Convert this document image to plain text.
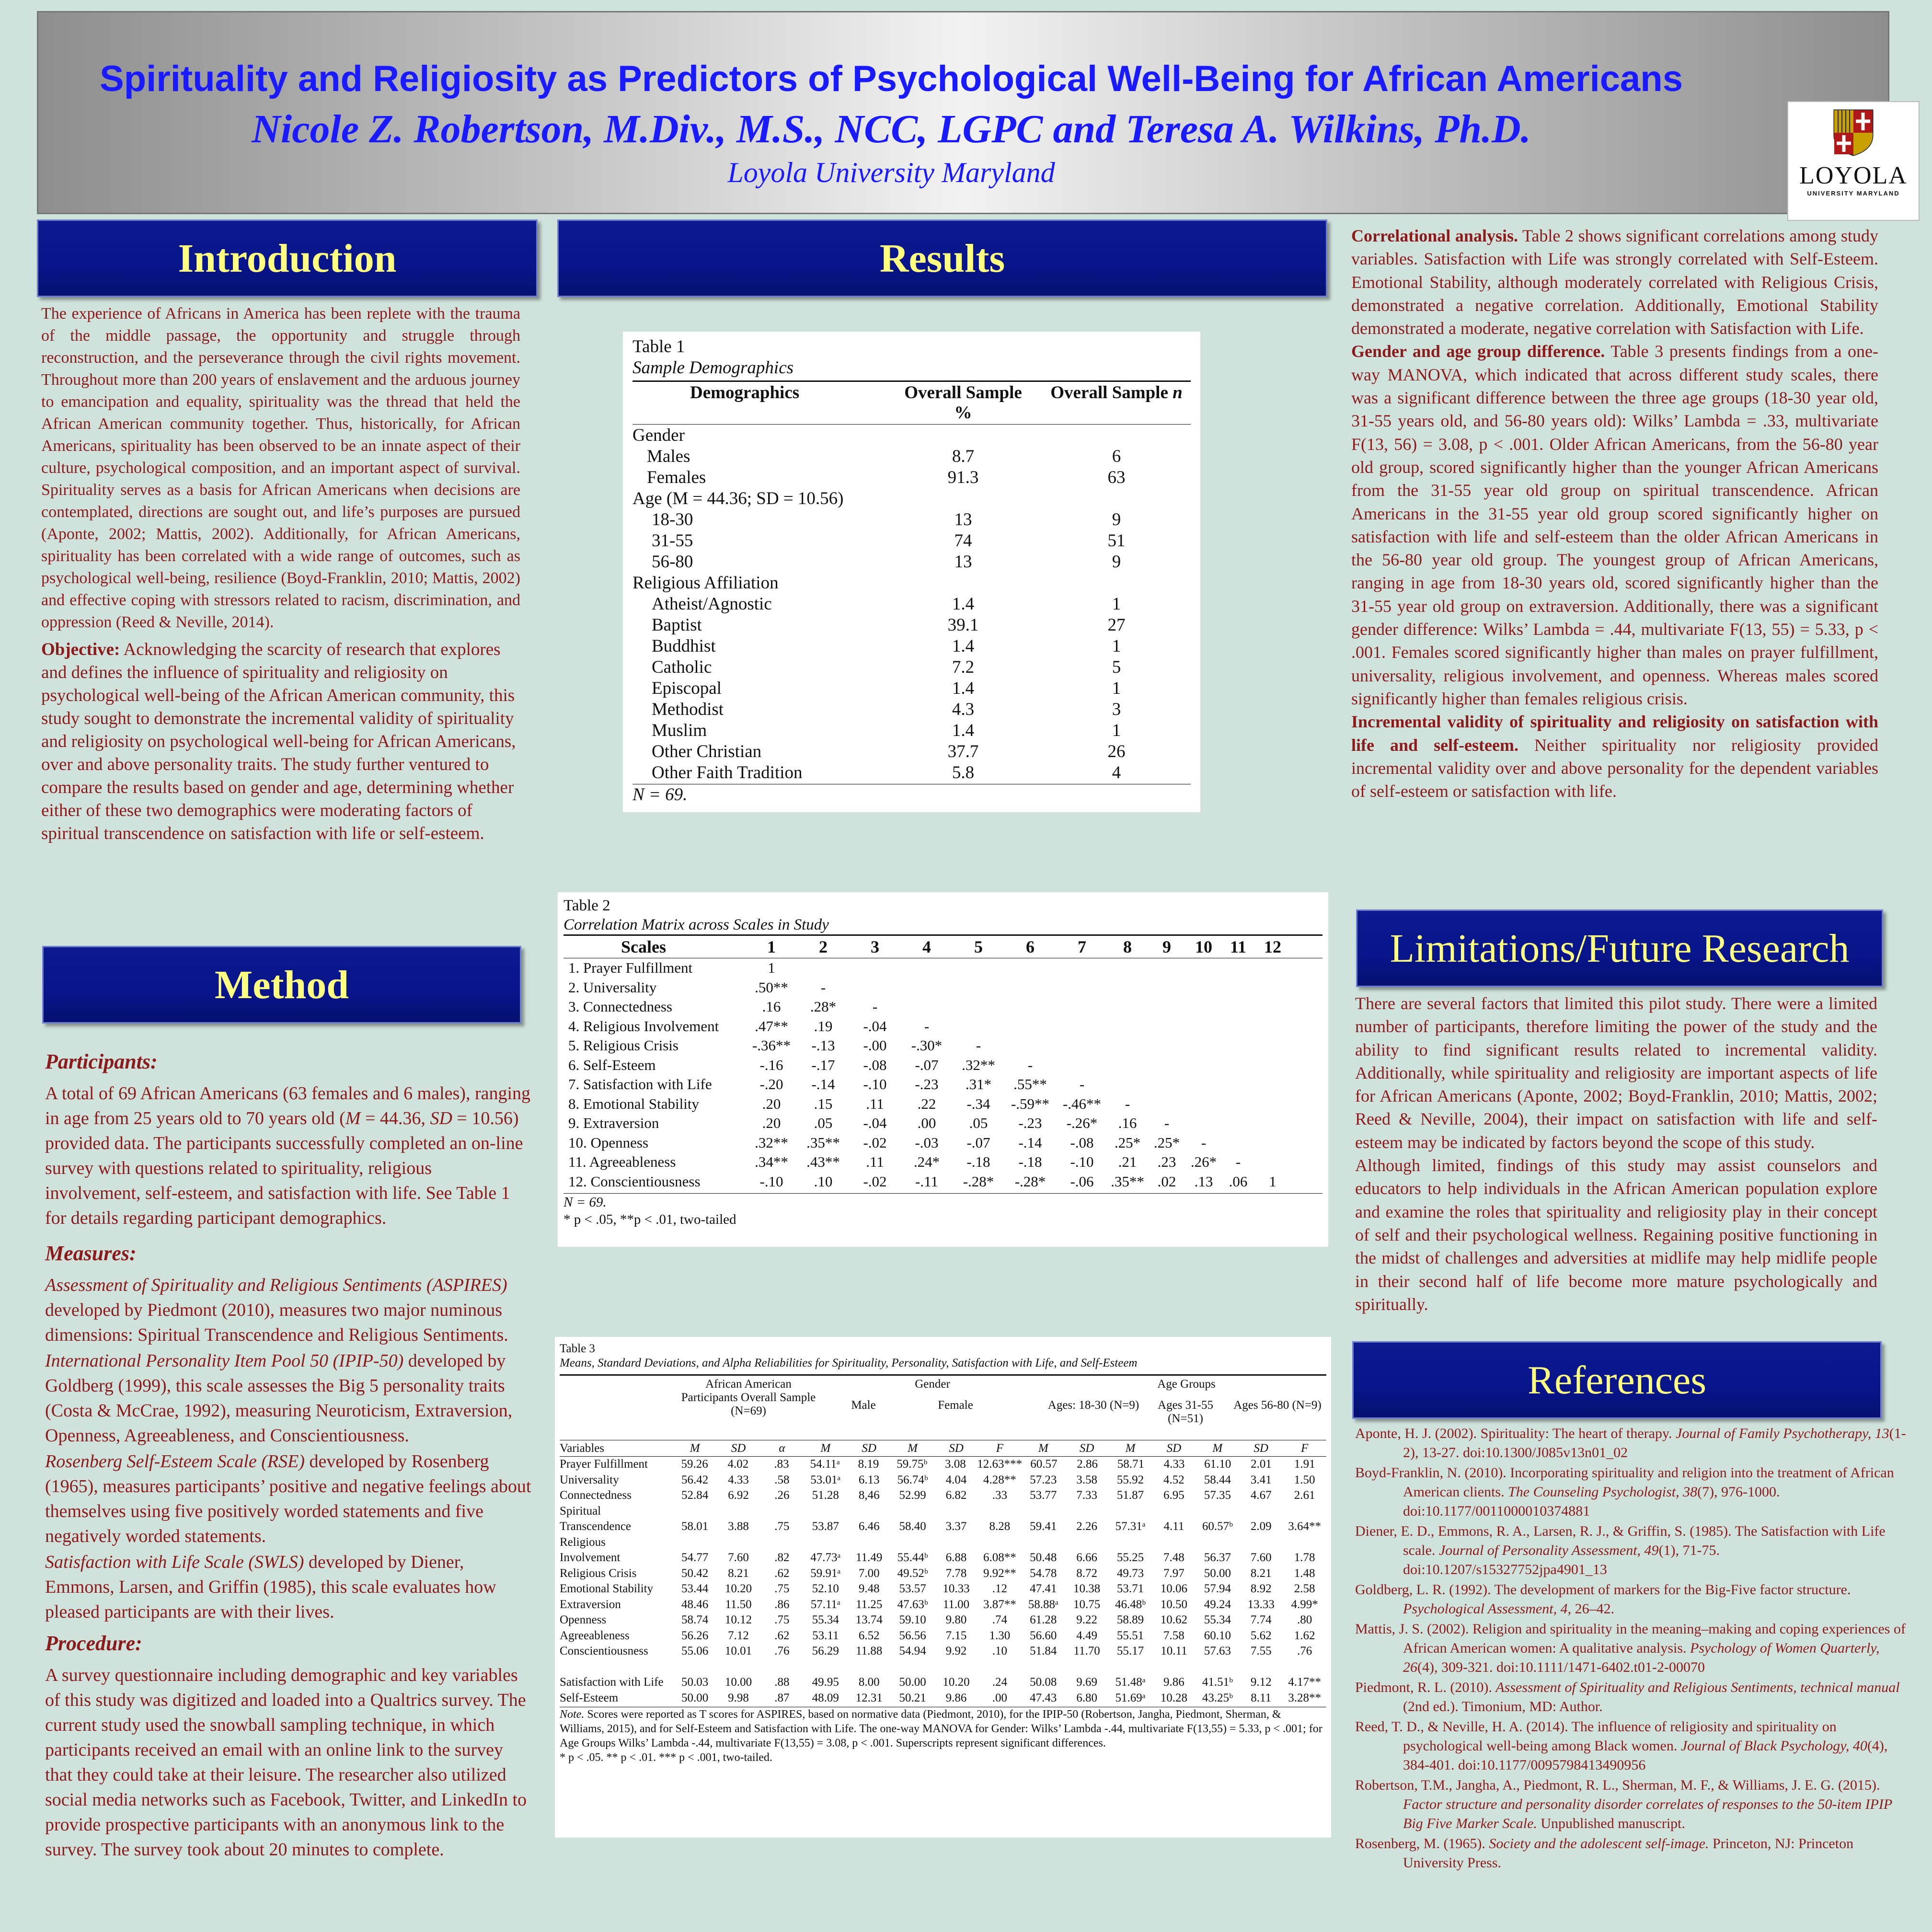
Spirituality and Religiosity as Predictors of Psychological Well-Being for African Americans
Nicole Z. Robertson, M.Div., M.S., NCC, LGPC and Teresa A. Wilkins, Ph.D.
Loyola University Maryland	LOYOLA
UNIVERSITY MARYLAND
Introduction	Results
Method
Limitations/Future Research
References
The experience of Africans in America has been replete with the trauma of the middle passage, the opportunity and struggle through reconstruction, and the perseverance through the civil rights movement. Throughout more than 200 years of enslavement and the arduous journey to emancipation and equality, spirituality was the thread that held the African American community together. Thus, historically, for African Americans, spirituality has been observed to be an innate aspect of their culture, psychological composition, and an important aspect of survival. Spirituality serves as a basis for African Americans when decisions are contemplated, directions are sought out, and life’s purposes are pursued (Aponte, 2002; Mattis, 2002). Additionally, for African Americans, spirituality has been correlated with a wide range of outcomes, such as psychological well-being, resilience (Boyd-Franklin, 2010; Mattis, 2002) and effective coping with stressors related to racism, discrimination, and oppression (Reed & Neville, 2014).
Objective: Acknowledging the scarcity of research that explores and defines the influence of spirituality and religiosity on psychological well-being of the African American community, this study sought to demonstrate the incremental validity of spirituality and religiosity on psychological well-being for African Americans, over and above personality traits. The study further ventured to compare the results based on gender and age, determining whether either of these two demographics were moderating factors of spiritual transcendence on satisfaction with life or self-esteem.
Participants:
A total of 69 African Americans (63 females and 6 males), ranging in age from 25 years old to 70 years old (M = 44.36, SD = 10.56) provided data. The participants successfully completed an on-line survey with questions related to spirituality, religious involvement, self-esteem, and satisfaction with life. See Table 1 for details regarding participant demographics.
Measures:
Assessment of Spirituality and Religious Sentiments (ASPIRES) developed by Piedmont (2010), measures two major numinous dimensions: Spiritual Transcendence and Religious Sentiments.
International Personality Item Pool 50 (IPIP-50) developed by Goldberg (1999), this scale assesses the Big 5 personality traits (Costa & McCrae, 1992), measuring Neuroticism, Extraversion, Openness, Agreeableness, and Conscientiousness.
Rosenberg Self-Esteem Scale (RSE) developed by Rosenberg (1965), measures participants’ positive and negative feelings about themselves using five positively worded statements and five negatively worded statements.
Satisfaction with Life Scale (SWLS) developed by Diener, Emmons, Larsen, and Griffin (1985), this scale evaluates how pleased participants are with their lives.
Procedure:
A survey questionnaire including demographic and key variables of this study was digitized and loaded into a Qualtrics survey. The current study used the snowball sampling technique, in which participants received an email with an online link to the survey that they could take at their leisure. The researcher also utilized social media networks such as Facebook, Twitter, and LinkedIn to provide prospective participants with an anonymous link to the survey. The survey took about 20 minutes to complete.
Table 1
Sample Demographics
Demographics	Overall Sample
%
Overall Sample n
Gender
Males	8.7	6
Females	91.3	63
Age (M = 44.36; SD = 10.56)
18-30	13	9
31-55	74	51
56-80	13	9
Religious Affiliation
Atheist/Agnostic	1.4	1
Baptist	39.1	27
Buddhist	1.4	1
Catholic	7.2	5
Episcopal	1.4	1
Methodist	4.3	3
Muslim	1.4	1
Other Christian	37.7	26
Other Faith Tradition	5.8	4
N = 69.
Table 2
Correlation Matrix across Scales in Study
Scales	1	2	3	4	5	6	7	8	9	10	11	12
1. Prayer Fulfillment	1
2. Universality	.50**	-
3. Connectedness	.16	.28*	-
4. Religious Involvement	.47**	.19	-.04	-
5. Religious Crisis	-.36**	-.13	-.00	-.30*	-
6. Self-Esteem	-.16	-.17	-.08	-.07	.32**	-
7. Satisfaction with Life	-.20	-.14	-.10	-.23	.31*	.55**	-
8. Emotional Stability	.20	.15	.11	.22	-.34	-.59** -.46**	-
9. Extraversion	.20	.05	-.04	.00	.05	-.23	-.26*	.16	-
10. Openness	.32**	.35**	-.02	-.03	-.07	-.14	-.08	.25* .25*	-
11. Agreeableness	.34**	.43**	.11	.24*	-.18	-.18	-.10	.21	.23 .26*	-
12. Conscientiousness	-.10	.10	-.02	-.11	-.28*	-.28*	-.06	.35** .02	.13	.06	1
N = 69.
* p < .05, **p < .01, two-tailed
Table 3
Means, Standard Deviations, and Alpha Reliabilities for Spirituality, Personality, Satisfaction with Life, and Self-Esteem
African American Participants Overall Sample (N=69)
Gender	Age Groups
Male	Female	Ages: 18-30 (N=9)	Ages 31-55 (N=51)
Ages 56-80 (N=9)
Variables	M	SD	α	M	SD	M	SD	F	M	SD	M	SD	M	SD	F
Prayer Fulfillment	59.26	4.02	.83	54.11ᵃ	8.19	59.75ᵇ	3.08 12.63*** 60.57	2.86	58.71	4.33	61.10	2.01	1.91
Universality	56.42	4.33	.58	53.01ᵃ	6.13	56.74ᵇ	4.04	4.28**	57.23	3.58	55.92	4.52	58.44	3.41	1.50
Connectedness	52.84	6.92	.26	51.28	8,46	52.99	6.82	.33	53.77	7.33	51.87	6.95	57.35	4.67	2.61
Spiritual
Transcendence	58.01	3.88	.75	53.87	6.46	58.40	3.37	8.28	59.41	2.26	57.31ᵃ	4.11	60.57ᵇ	2.09	3.64**
Religious
Involvement	54.77	7.60	.82	47.73ᵃ	11.49	55.44ᵇ	6.88	6.08**	50.48	6.66	55.25	7.48	56.37	7.60	1.78
Religious Crisis	50.42	8.21	.62	59.91ᵃ	7.00	49.52ᵇ	7.78	9.92**	54.78	8.72	49.73	7.97	50.00	8.21	1.48
Emotional Stability	53.44	10.20	.75	52.10	9.48	53.57	10.33	.12	47.41	10.38	53.71	10.06	57.94	8.92	2.58
Extraversion	48.46	11.50	.86	57.11ᵃ	11.25	47.63ᵇ	11.00	3.87** 58.88ᵃ	10.75	46.48ᵇ	10.50	49.24	13.33	4.99*
Openness	58.74	10.12	.75	55.34	13.74	59.10	9.80	.74	61.28	9.22	58.89	10.62	55.34	7.74	.80
Agreeableness	56.26	7.12	.62	53.11	6.52	56.56	7.15	1.30	56.60	4.49	55.51	7.58	60.10	5.62	1.62
Conscientiousness	55.06	10.01	.76	56.29	11.88	54.94	9.92	.10	51.84	11.70	55.17	10.11	57.63	7.55	.76
Satisfaction with Life	50.03	10.00	.88	49.95	8.00	50.00	10.20	.24	50.08	9.69	51.48ᵃ	9.86	41.51ᵇ	9.12	4.17**
Self-Esteem	50.00	9.98	.87	48.09	12.31	50.21	9.86	.00	47.43	6.80	51.69ᵃ	10.28	43.25ᵇ	8.11	3.28**
Note. Scores were reported as T scores for ASPIRES, based on normative data (Piedmont, 2010), for the IPIP-50 (Robertson, Jangha, Piedmont, Sherman, & Williams, 2015), and for Self-Esteem and Satisfaction with Life. The one-way MANOVA for Gender: Wilks’ Lambda -.44, multivariate F(13,55) = 5.33, p < .001; for Age Groups Wilks’ Lambda -.44, multivariate F(13,55) = 3.08, p < .001. Superscripts represent significant differences.
* p < .05. ** p < .01. *** p < .001, two-tailed.
Correlational analysis. Table 2 shows significant correlations among study variables. Satisfaction with Life was strongly correlated with Self-Esteem. Emotional Stability, although moderately correlated with Religious Crisis, demonstrated a negative correlation. Additionally, Emotional Stability demonstrated a moderate, negative correlation with Satisfaction with Life.
Gender and age group difference. Table 3 presents findings from a one-way MANOVA, which indicated that across different study scales, there was a significant difference between the three age groups (18-30 year old, 31-55 years old, and 56-80 years old): Wilks’ Lambda = .33, multivariate F(13, 56) = 3.08, p < .001. Older African Americans, from the 56-80 year old group, scored significantly higher than the younger African Americans from the 31-55 year old group on spiritual transcendence. African Americans in the 31-55 year old group scored significantly higher on satisfaction with life and self-esteem than the older African Americans in the 56-80 year old group. The youngest group of African Americans, ranging in age from 18-30 years old, scored significantly higher than the 31-55 year old group on extraversion. Additionally, there was a significant gender difference: Wilks’ Lambda = .44, multivariate F(13, 55) = 5.33, p < .001. Females scored significantly higher than males on prayer fulfillment, universality, religious involvement, and openness. Whereas males scored significantly higher than females religious crisis.
Incremental validity of spirituality and religiosity on satisfaction with life and self-esteem. Neither spirituality nor religiosity provided incremental validity over and above personality for the dependent variables of self-esteem or satisfaction with life.
There are several factors that limited this pilot study. There were a limited number of participants, therefore limiting the power of the study and the ability to find significant results related to incremental validity. Additionally, while spirituality and religiosity are important aspects of life for African Americans (Aponte, 2002; Boyd-Franklin, 2010; Mattis, 2002; Reed & Neville, 2004), their impact on satisfaction with life and self-esteem may be indicated by factors beyond the scope of this study.
Although limited, findings of this study may assist counselors and educators to help individuals in the African American population explore and examine the roles that spirituality and religiosity play in their concept of self and their psychological wellness. Regaining positive functioning in the midst of challenges and adversities at midlife may help midlife people in their second half of life become more mature psychologically and spiritually.
Aponte, H. J. (2002). Spirituality: The heart of therapy. Journal of Family Psychotherapy, 13(1-2), 13-27. doi:10.1300/J085v13n01_02
Boyd-Franklin, N. (2010). Incorporating spirituality and religion into the treatment of African American clients. The Counseling Psychologist, 38(7), 976-1000. doi:10.1177/0011000010374881
Diener, E. D., Emmons, R. A., Larsen, R. J., & Griffin, S. (1985). The Satisfaction with Life scale. Journal of Personality Assessment, 49(1), 71-75. doi:10.1207/s15327752jpa4901_13
Goldberg, L. R. (1992). The development of markers for the Big-Five factor structure. Psychological Assessment, 4, 26–42.
Mattis, J. S. (2002). Religion and spirituality in the meaning–making and coping experiences of African American women: A qualitative analysis. Psychology of Women Quarterly, 26(4), 309-321. doi:10.1111/1471-6402.t01-2-00070
Piedmont, R. L. (2010). Assessment of Spirituality and Religious Sentiments, technical manual (2nd ed.). Timonium, MD: Author.
Reed, T. D., & Neville, H. A. (2014). The influence of religiosity and spirituality on psychological well-being among Black women. Journal of Black Psychology, 40(4), 384-401. doi:10.1177/0095798413490956
Robertson, T.M., Jangha, A., Piedmont, R. L., Sherman, M. F., & Williams, J. E. G. (2015). Factor structure and personality disorder correlates of responses to the 50-item IPIP Big Five Marker Scale. Unpublished manuscript.
Rosenberg, M. (1965). Society and the adolescent self-image. Princeton, NJ: Princeton University Press.
